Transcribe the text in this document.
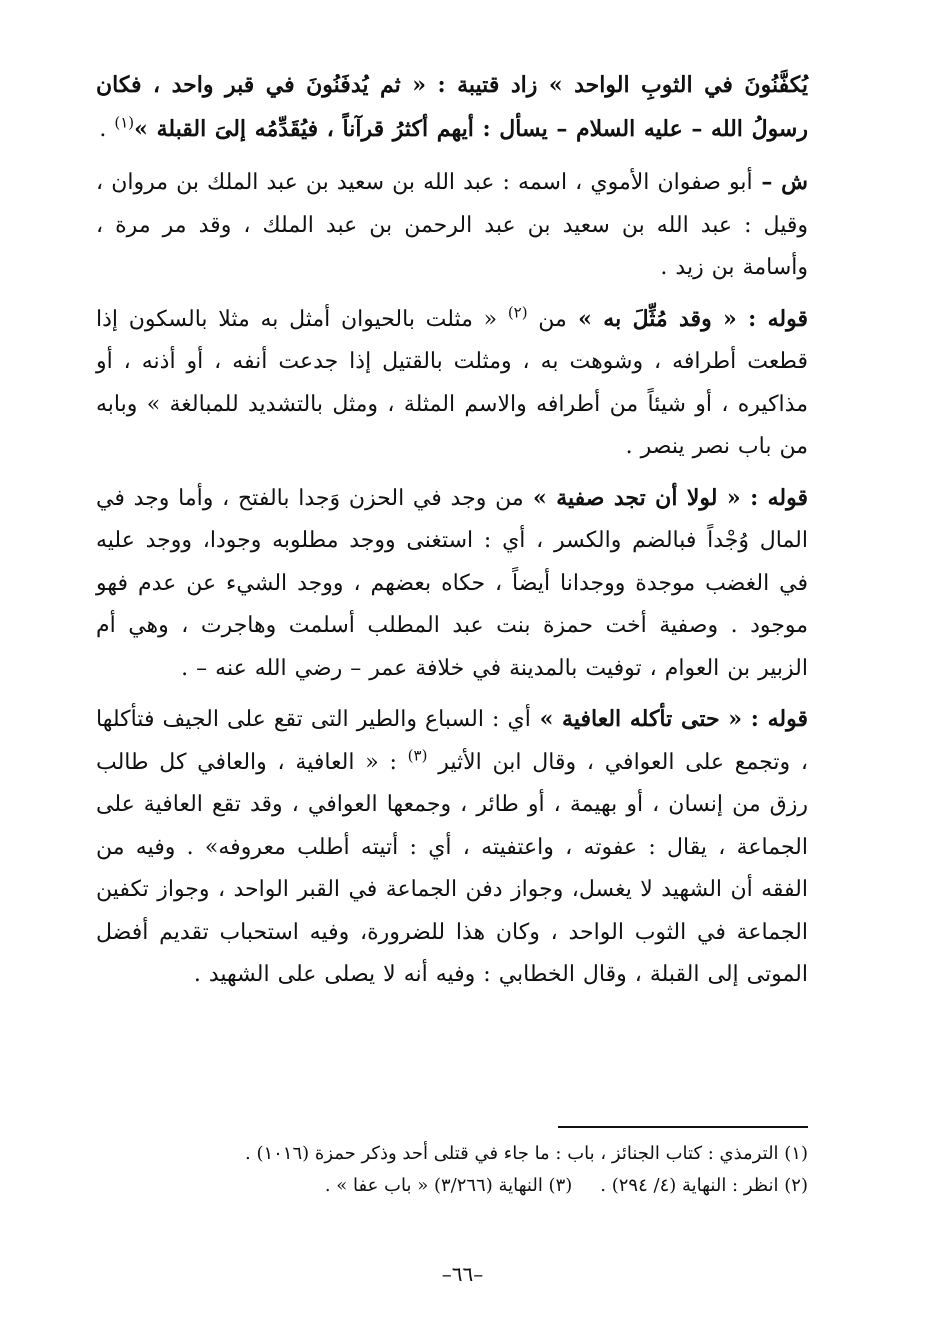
يُكفَّنُونَ في الثوبِ الواحد » زاد قتيبة : « ثم يُدفَنُونَ في قبر واحد ، فكان رسولُ الله – عليه السلام – يسأل : أيهم أكثرُ قرآناً ، فيُقَدِّمُه إلىَ القبلة »$^{(١)}$ .

ش – أبو صفوان الأموي ، اسمه : عبد الله بن سعيد بن عبد الملك بن مروان ، وقيل : عبد الله بن سعيد بن عبد الرحمن بن عبد الملك ، وقد مر مرة ، وأسامة بن زيد .

قوله : « وقد مُثِّلَ به » من $^{(٢)}$ « مثلت بالحيوان أمثل به مثلا بالسكون إذا قطعت أطرافه ، وشوهت به ، ومثلت بالقتيل إذا جدعت أنفه ، أو أذنه ، أو مذاكيره ، أو شيئاً من أطرافه والاسم المثلة ، ومثل بالتشديد للمبالغة » وبابه من باب نصر ينصر .

قوله : « لولا أن تجد صفية » من وجد في الحزن وَجدا بالفتح ، وأما وجد في المال وُجْداً فبالضم والكسر ، أي : استغنى ووجد مطلوبه وجودا، ووجد عليه في الغضب موجدة ووجدانا أيضاً ، حكاه بعضهم ، ووجد الشيء عن عدم فهو موجود . وصفية أخت حمزة بنت عبد المطلب أسلمت وهاجرت ، وهي أم الزبير بن العوام ، توفيت بالمدينة في خلافة عمر – رضي الله عنه – .

قوله : « حتى تأكله العافية » أي : السباع والطير التى تقع على الجيف فتأكلها ، وتجمع على العوافي ، وقال ابن الأثير $^{(٣)}$ : « العافية ، والعافي كل طالب رزق من إنسان ، أو بهيمة ، أو طائر ، وجمعها العوافي ، وقد تقع العافية على الجماعة ، يقال : عفوته ، واعتفيته ، أي : أتيته أطلب معروفه» . وفيه من الفقه أن الشهيد لا يغسل، وجواز دفن الجماعة في القبر الواحد ، وجواز تكفين الجماعة في الثوب الواحد ، وكان هذا للضرورة، وفيه استحباب تقديم أفضل الموتى إلى القبلة ، وقال الخطابي : وفيه أنه لا يصلى على الشهيد .

(١) الترمذي : كتاب الجنائز ، باب : ما جاء في قتلى أحد وذكر حمزة (١٠١٦) .
(٢) انظر : النهاية (٤/ ٢٩٤) .(٣) النهاية (٣/٢٦٦) « باب عفا » .
–٦٦–
